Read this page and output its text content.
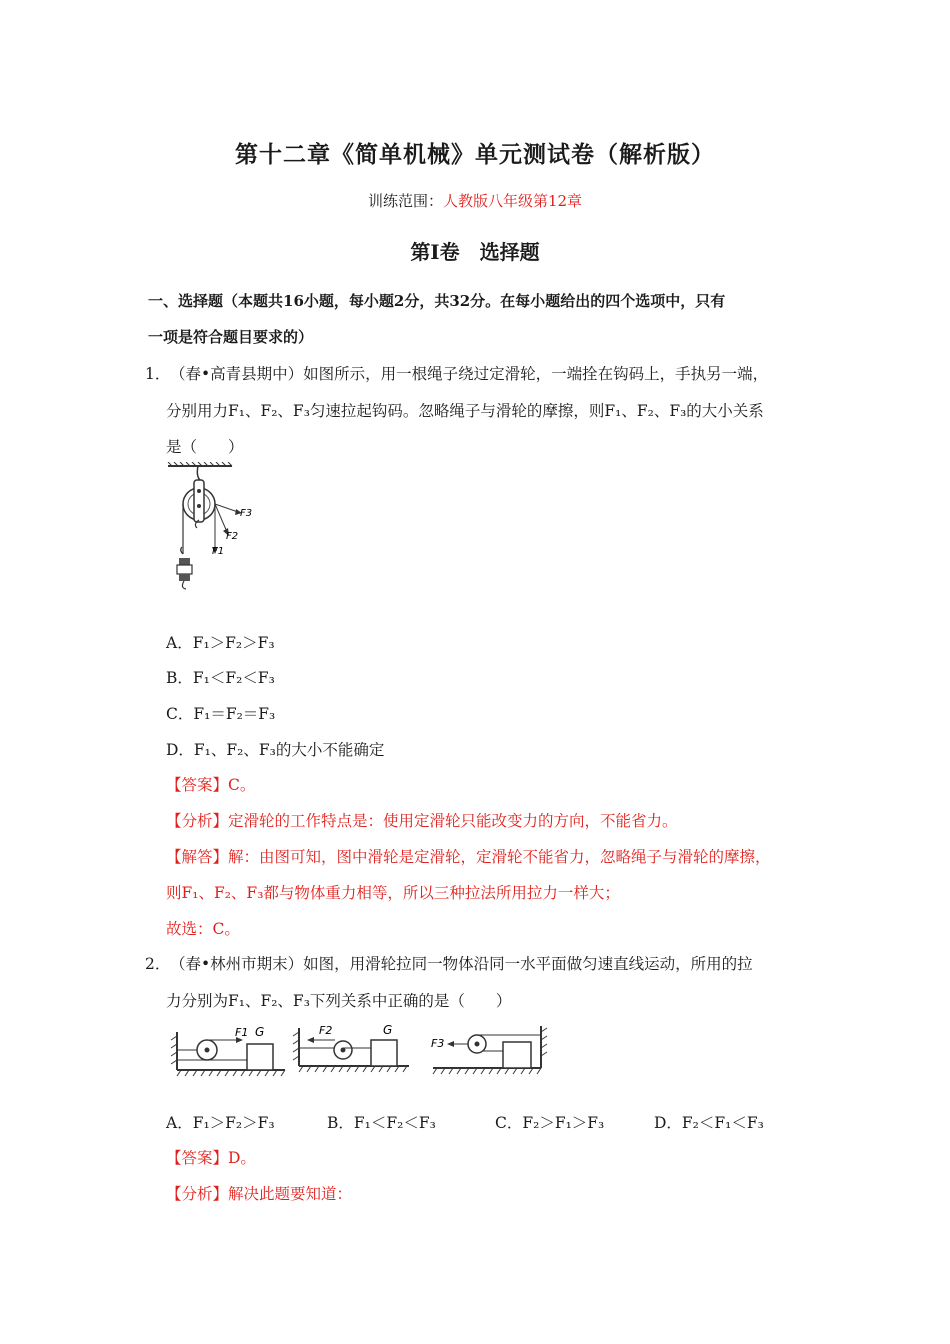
第十二章《简单机械》单元测试卷（解析版）
训练范围：人教版八年级第12章
第Ⅰ卷　选择题
一、选择题（本题共16小题，每小题2分，共32分。在每小题给出的四个选项中，只有
一项是符合题目要求的）
1． （春•高青县期中）如图所示，用一根绳子绕过定滑轮，一端拴在钩码上，手执另一端，
分别用力F₁、F₂、F₃匀速拉起钩码。忽略绳子与滑轮的摩擦，则F₁、F₂、F₃的大小关系
是（　　）
F3
F2
F1
A．F₁＞F₂＞F₃
B．F₁＜F₂＜F₃
C．F₁＝F₂＝F₃
D．F₁、F₂、F₃的大小不能确定
【答案】C。
【分析】定滑轮的工作特点是：使用定滑轮只能改变力的方向，不能省力。
【解答】解：由图可知，图中滑轮是定滑轮，定滑轮不能省力，忽略绳子与滑轮的摩擦，
则F₁、F₂、F₃都与物体重力相等，所以三种拉法所用拉力一样大；
故选：C。
2． （春•林州市期末）如图，用滑轮拉同一物体沿同一水平面做匀速直线运动，所用的拉
力分别为F₁、F₂、F₃下列关系中正确的是（　　）
F1 G	F2	G
F3
A．F₁＞F₂＞F₃	B．F₁＜F₂＜F₃	C．F₂＞F₁＞F₃	D．F₂＜F₁＜F₃
【答案】D。
【分析】解决此题要知道：
